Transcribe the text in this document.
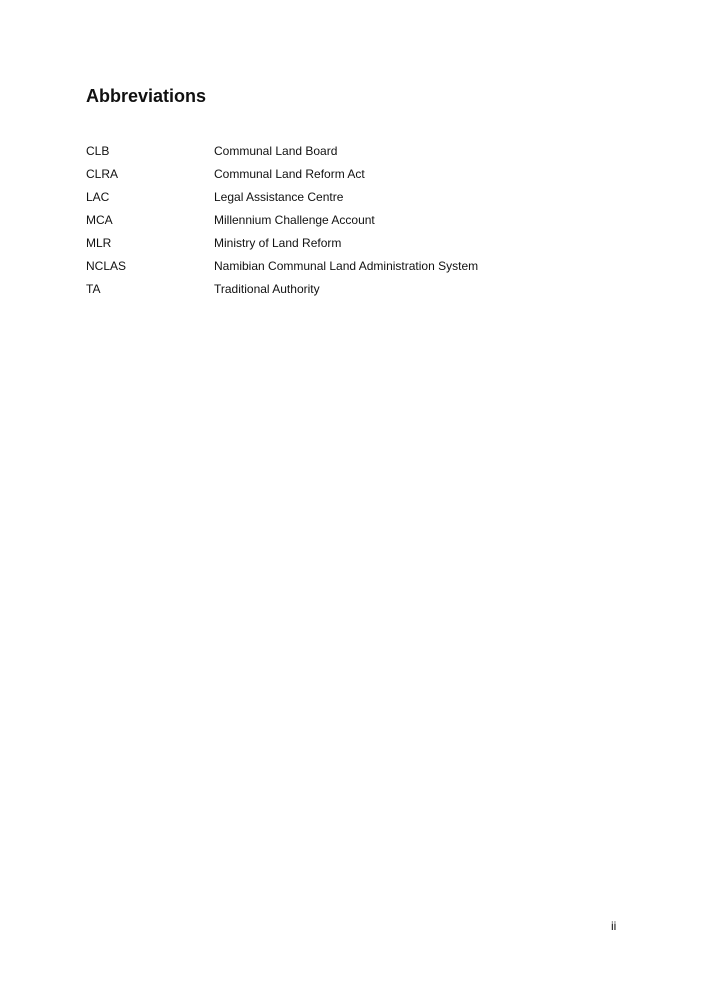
Abbreviations
CLB	Communal Land Board
CLRA	Communal Land Reform Act
LAC	Legal Assistance Centre
MCA	Millennium Challenge Account
MLR	Ministry of Land Reform
NCLAS	Namibian Communal Land Administration System
TA	Traditional Authority
ii
